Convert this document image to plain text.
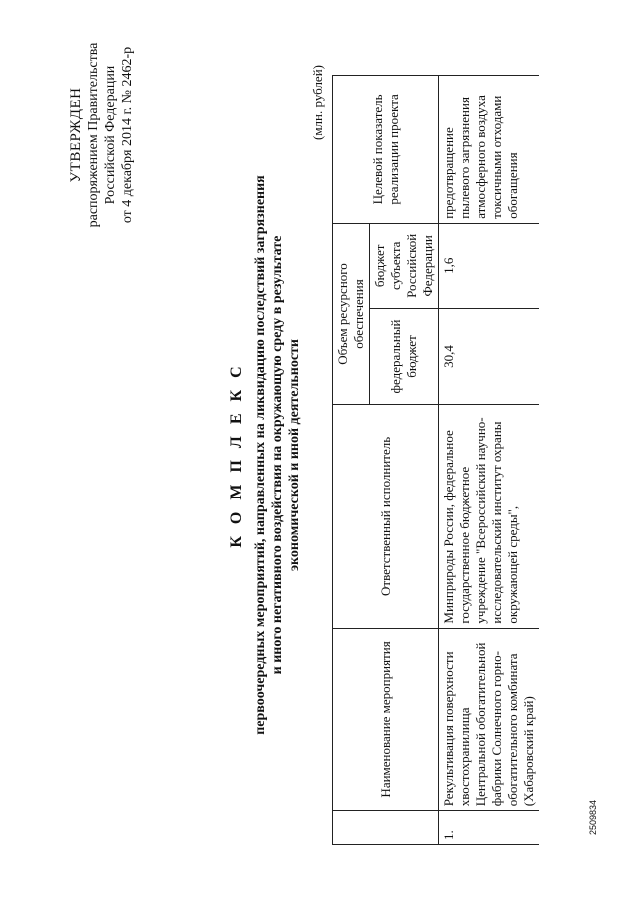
УТВЕРЖДЕН распоряжением Правительства Российской Федерации от 4 декабря 2014 г. № 2462-р
К О М П Л Е К С первоочередных мероприятий, направленных на ликвидацию последствий загрязнения и иного негативного воздействия на окружающую среду в результате экономической и иной деятельности
(млн. рублей)
	Наименование мероприятия	Ответственный исполнитель	Объем ресурсного обеспечения		Целевой показатель реализации проекта
			федеральный бюджет	бюджет субъекта Российской Федерации	
1.	Рекультивация поверхности хвостохранилища Центральной обогатительной фабрики Солнечного горно-обогатительного комбината (Хабаровский край)	Минприроды России, федеральное государственное бюджетное учреждение "Всероссийский научно-исследовательский институт охраны окружающей среды",	30,4	1,6	предотвращение пылевого загрязнения атмосферного воздуха токсичными отходами обогащения
2509834
